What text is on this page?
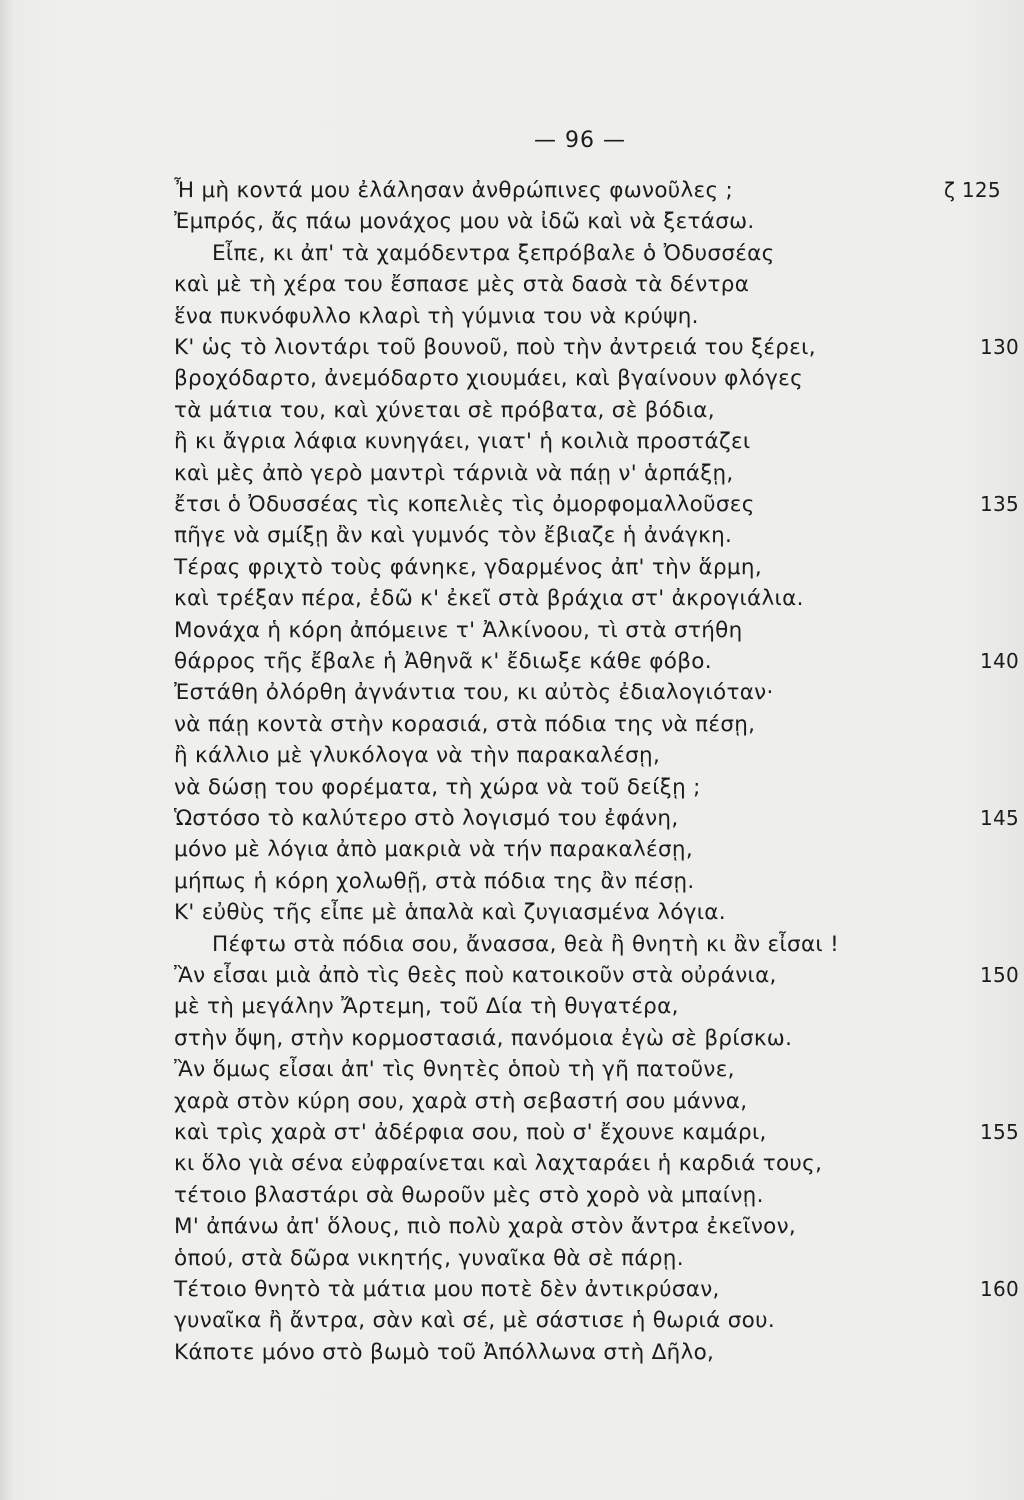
— 96 —
Ἦ μὴ κοντά μου ἐλάλησαν ἀνθρώπινες φωνοῦλες ;	ζ 125
Ἐμπρός, ἄς πάω μονάχος μου νὰ ἰδῶ καὶ νὰ ξετάσω.
Εἶπε, κι ἀπ' τὰ χαμόδεντρα ξεπρόβαλε ὁ Ὀδυσσέας
καὶ μὲ τὴ χέρα του ἔσπασε μὲς στὰ δασὰ τὰ δέντρα
ἕνα πυκνόφυλλο κλαρὶ τὴ γύμνια του νὰ κρύψη.
Κ' ὡς τὸ λιοντάρι τοῦ βουνοῦ, ποὺ τὴν ἀντρειά του ξέρει,	130
βροχόδαρτο, ἀνεμόδαρτο χιουμάει, καὶ βγαίνουν φλόγες
τὰ μάτια του, καὶ χύνεται σὲ πρόβατα, σὲ βόδια,
ἢ κι ἄγρια λάφια κυνηγάει, γιατ' ἡ κοιλιὰ προστάζει
καὶ μὲς ἀπὸ γερὸ μαντρὶ τάρνιὰ νὰ πάῃ ν' ἁρπάξῃ,
ἔτσι ὁ Ὀδυσσέας τὶς κοπελιὲς τὶς ὀμορφομαλλοῦσες	135
πῆγε νὰ σμίξῃ ἂν καὶ γυμνός τὸν ἔβιαζε ἡ ἀνάγκη.
Τέρας φριχτὸ τοὺς φάνηκε, γδαρμένος ἀπ' τὴν ἅρμη,
καὶ τρέξαν πέρα, ἐδῶ κ' ἐκεῖ στὰ βράχια στ' ἀκρογιάλια.
Μονάχα ἡ κόρη ἀπόμεινε τ' Ἀλκίνοου, τὶ στὰ στήθη
θάρρος τῆς ἔβαλε ἡ Ἀθηνᾶ κ' ἔδιωξε κάθε φόβο.	140
Ἐστάθη ὀλόρθη ἀγνάντια του, κι αὐτὸς ἐδιαλογιόταν·
νὰ πάῃ κοντὰ στὴν κορασιά, στὰ πόδια της νὰ πέσῃ,
ἢ κάλλιο μὲ γλυκόλογα νὰ τὴν παρακαλέσῃ,
νὰ δώσῃ του φορέματα, τὴ χώρα νὰ τοῦ δείξῃ ;
Ὡστόσο τὸ καλύτερο στὸ λογισμό του ἐφάνη,	145
μόνο μὲ λόγια ἀπὸ μακριὰ νὰ τήν παρακαλέσῃ,
μήπως ἡ κόρη χολωθῇ, στὰ πόδια της ἂν πέσῃ.
Κ' εὐθὺς τῆς εἶπε μὲ ἁπαλὰ καὶ ζυγιασμένα λόγια.
Πέφτω στὰ πόδια σου, ἄνασσα, θεὰ ἢ θνητὴ κι ἂν εἶσαι !
Ἂν εἶσαι μιὰ ἀπὸ τὶς θεὲς ποὺ κατοικοῦν στὰ οὐράνια,	150
μὲ τὴ μεγάλην Ἄρτεμη, τοῦ Δία τὴ θυγατέρα,
στὴν ὄψη, στὴν κορμοστασιά, πανόμοια ἐγὼ σὲ βρίσκω.
Ἂν ὅμως εἶσαι ἀπ' τὶς θνητὲς ὁποὺ τὴ γῆ πατοῦνε,
χαρὰ στὸν κύρη σου, χαρὰ στὴ σεβαστή σου μάννα,
καὶ τρὶς χαρὰ στ' ἀδέρφια σου, ποὺ σ' ἔχουνε καμάρι,	155
κι ὅλο γιὰ σένα εὐφραίνεται καὶ λαχταράει ἡ καρδιά τους,
τέτοιο βλαστάρι σὰ θωροῦν μὲς στὸ χορὸ νὰ μπαίνῃ.
Μ' ἀπάνω ἀπ' ὅλους, πιὸ πολὺ χαρὰ στὸν ἄντρα ἐκεῖνον,
ὁπού, στὰ δῶρα νικητής, γυναῖκα θὰ σὲ πάρῃ.
Τέτοιο θνητὸ τὰ μάτια μου ποτὲ δὲν ἀντικρύσαν,	160
γυναῖκα ἢ ἄντρα, σὰν καὶ σέ, μὲ σάστισε ἡ θωριά σου.
Κάποτε μόνο στὸ βωμὸ τοῦ Ἀπόλλωνα στὴ Δῆλο,
